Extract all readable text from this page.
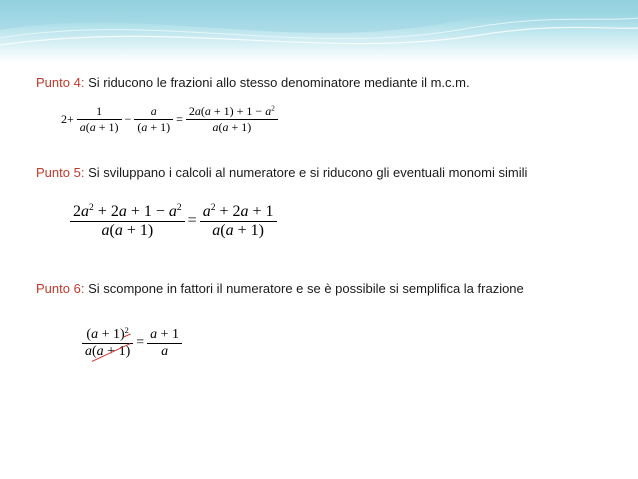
Punto 4: Si riducono le frazioni allo stesso denominatore mediante il m.c.m.
$2+ \frac{1}{a(a + 1)} - \frac{a}{(a + 1)} = \frac{2a(a + 1) + 1 - a^2}{a(a + 1)}$
Punto 5: Si sviluppano i calcoli al numeratore e si riducono gli eventuali monomi simili
$\frac{2a^2 + 2a + 1 - a^2}{a(a + 1)} = \frac{a^2 + 2a + 1}{a(a + 1)}$
Punto 6: Si scompone in fattori il numeratore e se è possibile si semplifica la frazione
$\frac{(a + 1)^2}{a(a + 1)} = \frac{a + 1}{a}$
